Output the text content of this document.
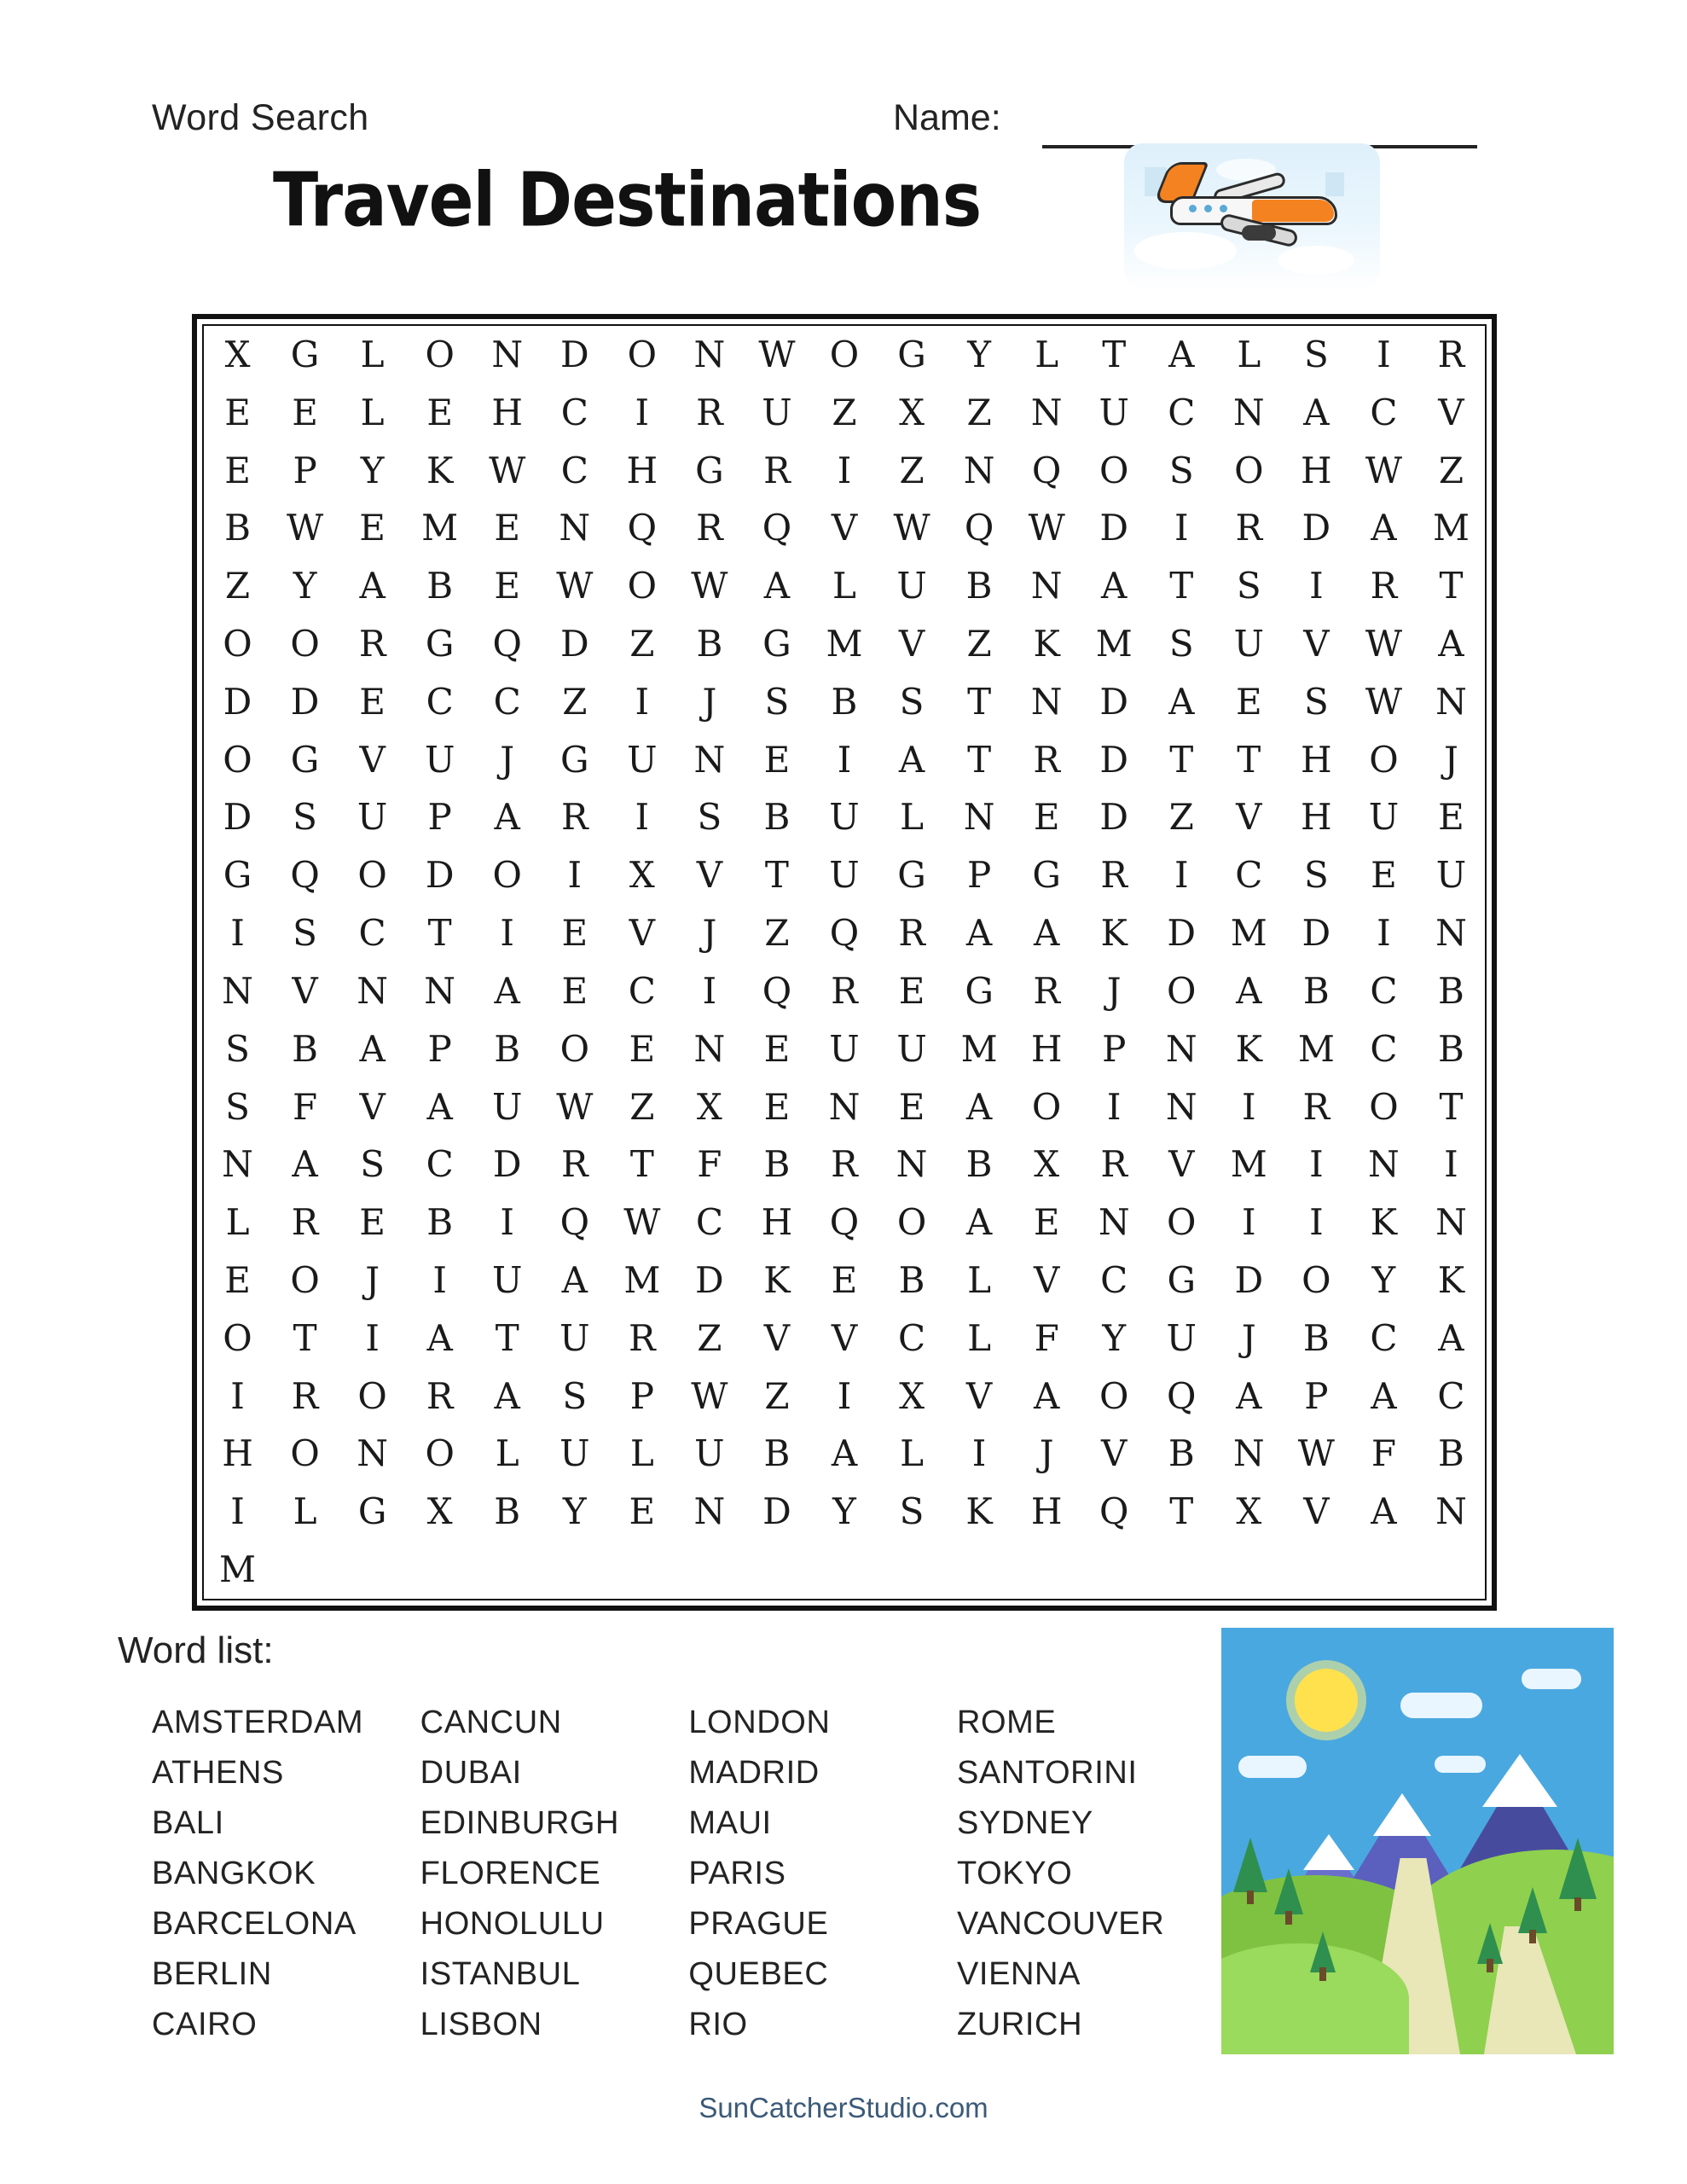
Word Search	Name:
Travel Destinations
X G L O N D O N W O G Y L T A L S I R
E E L E H C I R U Z X Z N U C N A C V
E P Y K W C H G R I Z N Q O S O H W Z
B W E M E N Q R Q V W Q W D I R D A M
Z Y A B E W O W A L U B N A T S I R T
O O R G Q D Z B G M V Z K M S U V W A
D D E C C Z I J S B S T N D A E S W N
O G V U J G U N E I A T R D T T H O J
D S U P A R I S B U L N E D Z V H U E
G Q O D O I X V T U G P G R I C S E U
I S C T I E V J Z Q R A A K D M D I N
N V N N A E C I Q R E G R J O A B C B
S B A P B O E N E U U M H P N K M C B
S F V A U W Z X E N E A O I N I R O T
N A S C D R T F B R N B X R V M I N I
L R E B I Q W C H Q O A E N O I I K N
E O J I U A M D K E B L V C G D O Y K
O T I A T U R Z V V C L F Y U J B C A
I R O R A S P W Z I X V A O Q A P A C
H O N O L U L U B A L I J V B N W F B
I L G X B Y E N D Y S K H Q T X V A N
M
Word list:
AMSTERDAM
ATHENS
BALI
BANGKOK
BARCELONA
BERLIN
CAIRO
CANCUN
DUBAI
EDINBURGH
FLORENCE
HONOLULU
ISTANBUL
LISBON
LONDON
MADRID
MAUI
PARIS
PRAGUE
QUEBEC
RIO
ROME
SANTORINI
SYDNEY
TOKYO
VANCOUVER
VIENNA
ZURICH
SunCatcherStudio.com
